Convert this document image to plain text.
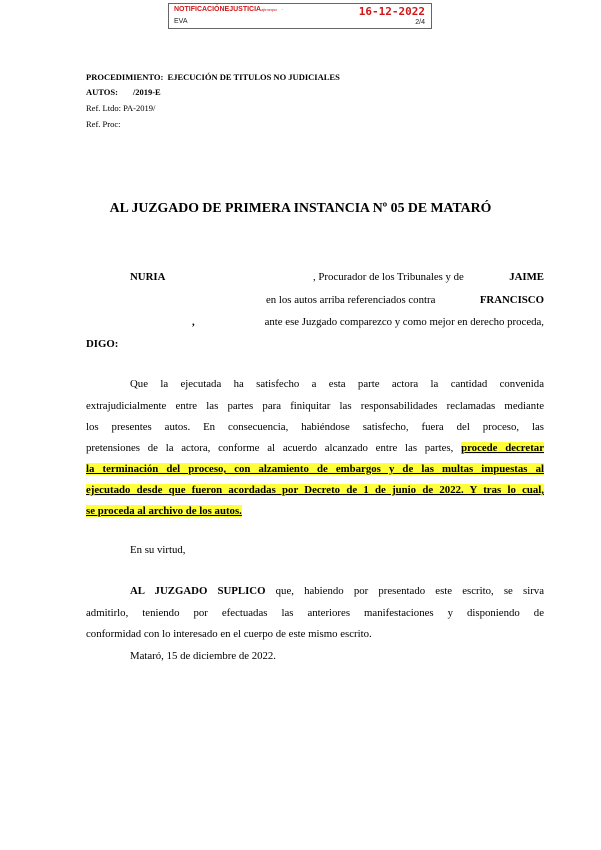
NOTIFICACIÓNEJUSTICIAajtmeqsx ·	16-12-2022
EVA	2/4
PROCEDIMIENTO: EJECUCIÓN DE TITULOS NO JUDICIALES
AUTOS: /2019-E
Ref. Ltdo: PA-2019/
Ref. Proc:
AL JUZGADO DE PRIMERA INSTANCIA Nº 05 DE MATARÓ
NURIA	, Procurador de los Tribunales y de	JAIME
en los autos arriba referenciados contra	FRANCISCO
,	ante ese Juzgado comparezco y como mejor en derecho proceda,
DIGO:
Que la ejecutada ha satisfecho a esta parte actora la cantidad convenida
extrajudicialmente entre las partes para finiquitar las responsabilidades reclamadas mediante
los presentes autos. En consecuencia, habiéndose satisfecho, fuera del proceso, las
pretensiones de la actora, conforme al acuerdo alcanzado entre las partes, procede decretar
la terminación del proceso, con alzamiento de embargos y de las multas impuestas al
ejecutado desde que fueron acordadas por Decreto de 1 de junio de 2022. Y tras lo cual,
se proceda al archivo de los autos.
En su virtud,
AL JUZGADO SUPLICO que, habiendo por presentado este escrito, se sirva
admitirlo, teniendo por efectuadas las anteriores manifestaciones y disponiendo de
conformidad con lo interesado en el cuerpo de este mismo escrito.
Mataró, 15 de diciembre de 2022.
